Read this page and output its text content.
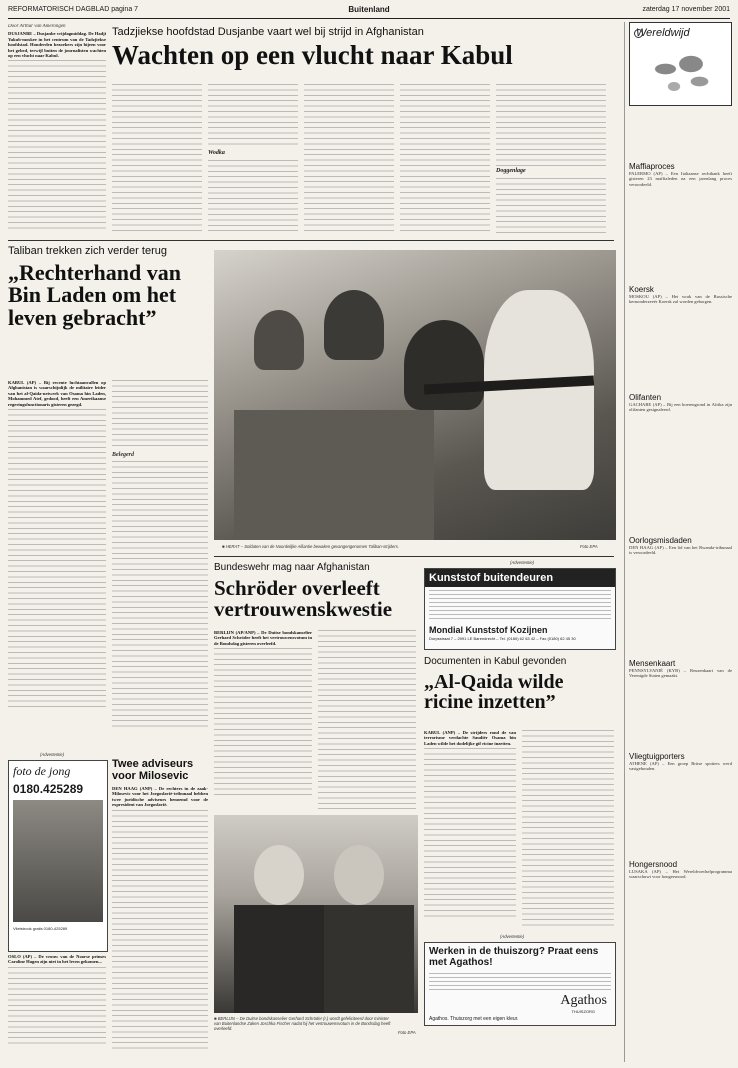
REFORMATORISCH DAGBLAD pagina 7	Buitenland	zaterdag 17 november 2001
Door Arthur van Amerongen
DUSJANBE – Dusjanbe vrijdagmiddag. De Hadji Yakub-moskee in het centrum van de Tadzjiekse hoofdstad. Honderden bezoekers zijn bijeen voor het gebed, terwijl buiten de journalisten wachten op een vlucht naar Kabul.
Tadzjiekse hoofdstad Dusjanbe vaart wel bij strijd in Afghanistan
Wachten op een vlucht naar Kabul
Wodka
Doggenlage
Wereldwijd
Maffiaproces
PALERMO (AP) – Een Italiaanse rechtbank heeft gisteren 23 maffialeden na een jarenlang proces veroordeeld.
Koersk
MOSKOU (AP) – Het wrak van de Russische kernonderzeeër Koersk zal worden geborgen.
Olifanten
GACHARE (AP) – Bij een boerengrond in Afrika zijn olifanten gesignaleerd.
Oorlogsmisdaden
DEN HAAG (AP) – Een lid van het Rwanda-tribunaal is veroordeeld.
Mensenkaart
PENNSYLVANIË (KYB) – Reuzenkaart van de Verenigde Staten gemaakt.
Vliegtuigporters
ATHENE (AP) – Een groep Britse spotters werd vastgehouden.
Hongersnood
LUSAKA (AP) – Het Wereldvoedselprogramma waarschuwt voor hongersnood.
Taliban trekken zich verder terug
„Rechterhand van Bin Laden om het leven gebracht”
KABUL (AP) – Bij recente luchtaanvallen op Afghanistan is waarschijnlijk de militaire leider van het al-Qaida-netwerk van Osama bin Laden, Mohammed Atef, gedood, heeft een Amerikaanse regeringsfunctionaris gisteren gezegd.
Belegerd
■ HERAT – Soldaten van de Noordelijke Alliantie bewaken gevangengenomen Taliban-strijders.	Foto EPA
Bundeswehr mag naar Afghanistan
Schröder overleeft vertrouwenskwestie
BERLIJN (AP/ANP) – De Duitse bondskanselier Gerhard Schröder heeft het vertrouwensvotum in de Bondsdag gisteren overleefd.
(Advertentie)
Kunststof buitendeuren
Mondial Kunststof Kozijnen
Dorpsstraat 7 – 2991 LE Barendrecht – Tel. (0180) 62 63 42 – Fax (0180) 62 45 30
Documenten in Kabul gevonden
„Al-Qaida wilde ricine inzetten”
KABUL (ANP) – De strijders rond de van terrorisme verdachte Saudiër Osama bin Laden wilde het dodelijke gif ricine inzetten.
■ BERLIJN – De Duitse bondskanselier Gerhard Schröder (r.) wordt gefeliciteerd door minister van Buitenlandse Zaken Joschka Fischer nadat hij het vertrouwensvotum in de Bondsdag heeft overleefd.
Foto EPA
(Advertentie)
Werken in de thuiszorg? Praat eens met Agathos!
Agathos
THUISZORG
Agathos. Thuiszorg met een eigen kleur.
(Advertentie)
foto de jong
0180.425289
Vlietstrook gratis 0180-425289
OSLO (AP) – De vrouw van de Noorse prinses Caroline Hagen zijn niet in het leven gekomen...
Twee adviseurs voor Milosevic
DEN HAAG (ANP) – De rechters in de zaak-Milosevic voor het Joegoslavië-tribunaal hebben twee juridische adviseurs benoemd voor de expresident van Joegoslavië.
